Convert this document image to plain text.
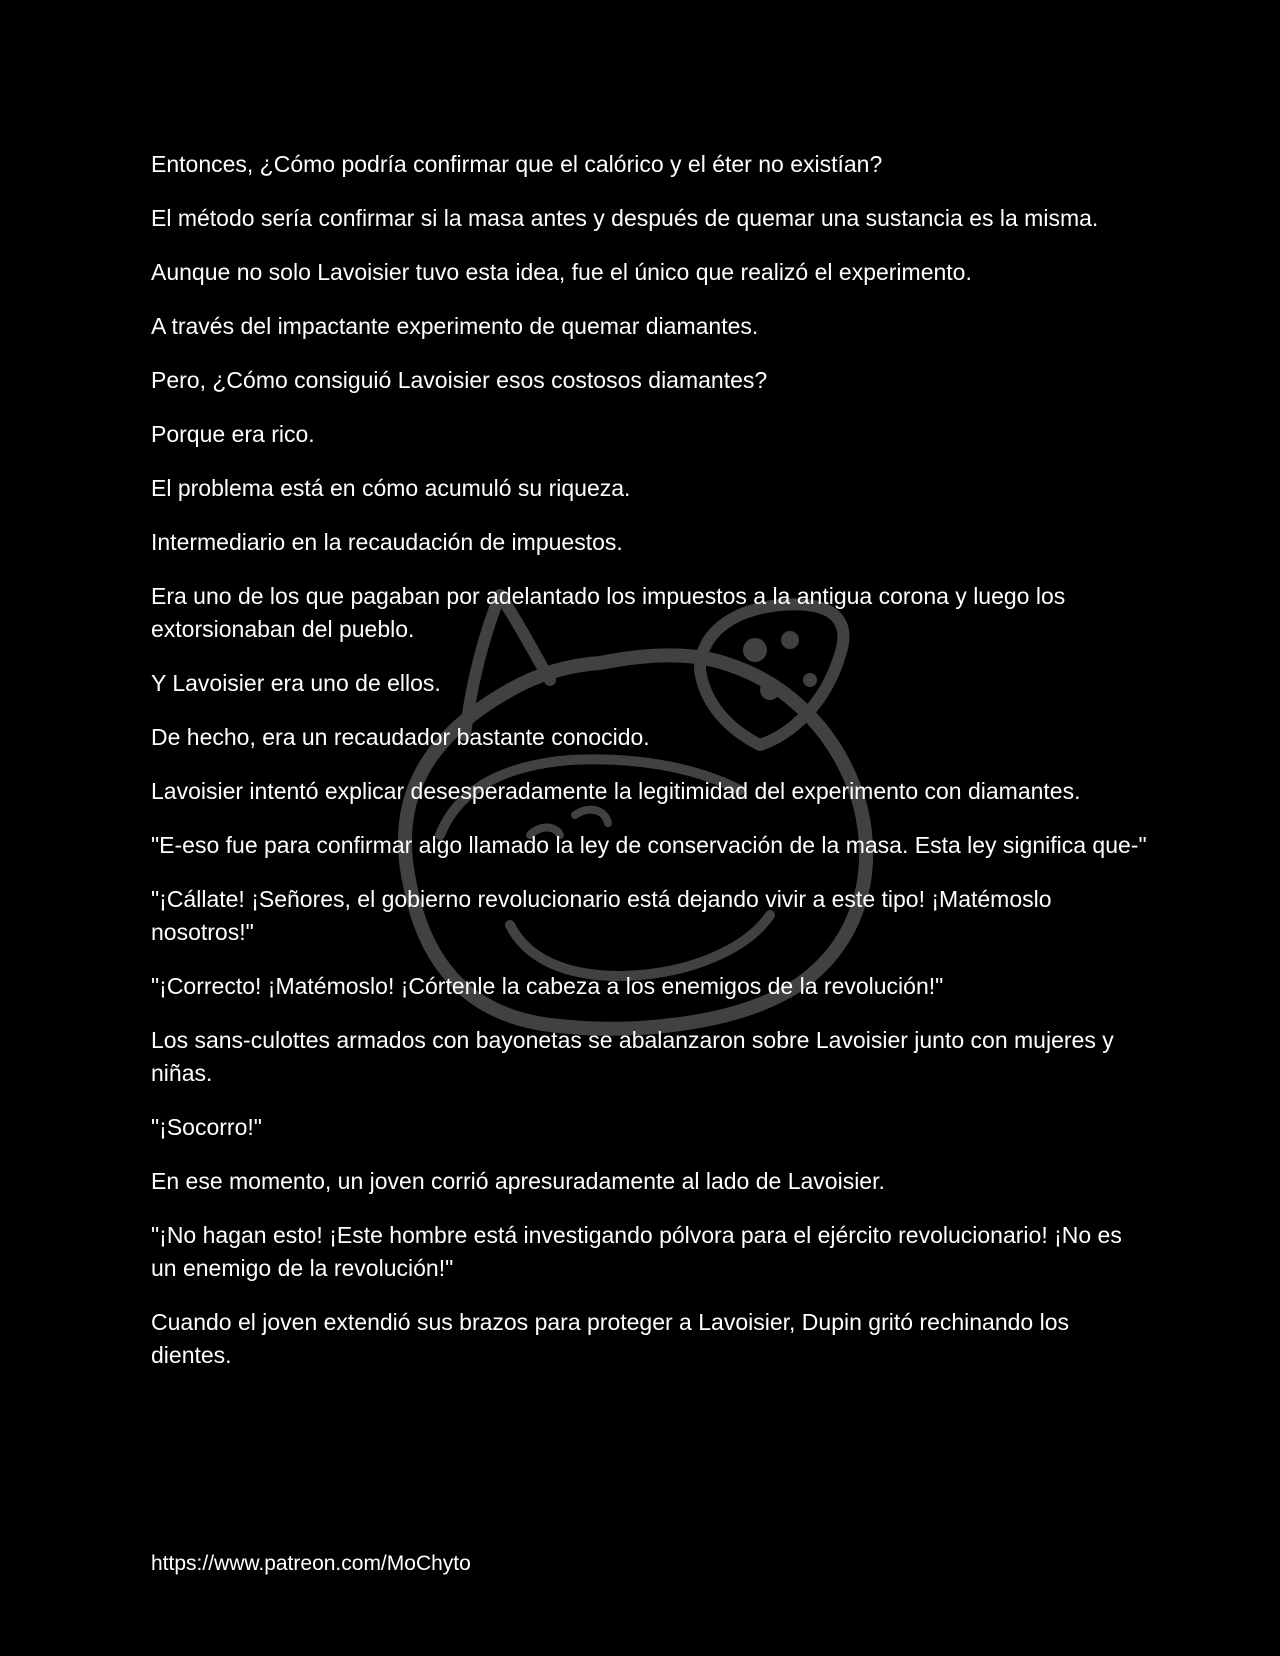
Entonces, ¿Cómo podría confirmar que el calórico y el éter no existían?

El método sería confirmar si la masa antes y después de quemar una sustancia es la misma.

Aunque no solo Lavoisier tuvo esta idea, fue el único que realizó el experimento.

A través del impactante experimento de quemar diamantes.

Pero, ¿Cómo consiguió Lavoisier esos costosos diamantes?

Porque era rico.

El problema está en cómo acumuló su riqueza.

Intermediario en la recaudación de impuestos.

Era uno de los que pagaban por adelantado los impuestos a la antigua corona y luego los extorsionaban del pueblo.

Y Lavoisier era uno de ellos.

De hecho, era un recaudador bastante conocido.

Lavoisier intentó explicar desesperadamente la legitimidad del experimento con diamantes.

"E-eso fue para confirmar algo llamado la ley de conservación de la masa. Esta ley significa que-"

"¡Cállate! ¡Señores, el gobierno revolucionario está dejando vivir a este tipo! ¡Matémoslo nosotros!"

"¡Correcto! ¡Matémoslo! ¡Córtenle la cabeza a los enemigos de la revolución!"

Los sans-culottes armados con bayonetas se abalanzaron sobre Lavoisier junto con mujeres y niñas.

"¡Socorro!"

En ese momento, un joven corrió apresuradamente al lado de Lavoisier.

"¡No hagan esto! ¡Este hombre está investigando pólvora para el ejército revolucionario! ¡No es un enemigo de la revolución!"

Cuando el joven extendió sus brazos para proteger a Lavoisier, Dupin gritó rechinando los dientes.

https://www.patreon.com/MoChyto
